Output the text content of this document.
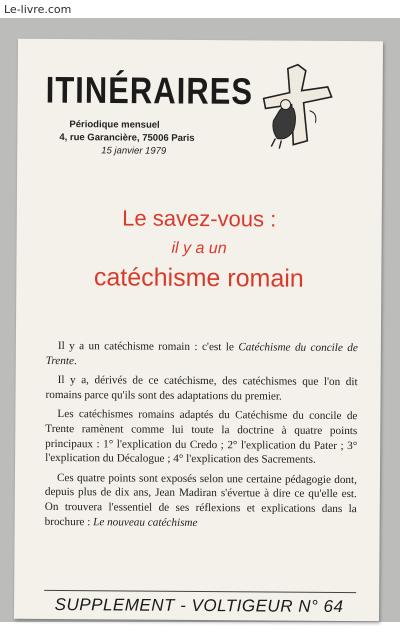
Le-livre.com
ITINÉRAIRES
Périodique mensuel
4, rue Garancière, 75006 Paris
15 janvier 1979
Le savez-vous :
il y a un
catéchisme romain

Il y a un catéchisme romain : c'est le Catéchisme du concile de Trente.

Il y a, dérivés de ce catéchisme, des catéchismes que l'on dit romains parce qu'ils sont des adaptations du premier.

Les catéchismes romains adaptés du Catéchisme du concile de Trente ramènent comme lui toute la doctrine à quatre points principaux : 1° l'explication du Credo ; 2° l'explication du Pater ; 3° l'explication du Décalogue ; 4° l'explication des Sacrements.

Ces quatre points sont exposés selon une certaine pédagogie dont, depuis plus de dix ans, Jean Madiran s'évertue à dire ce qu'elle est. On trouvera l'essentiel de ses réflexions et explications dans la brochure : Le nouveau catéchisme

SUPPLEMENT - VOLTIGEUR N° 64
